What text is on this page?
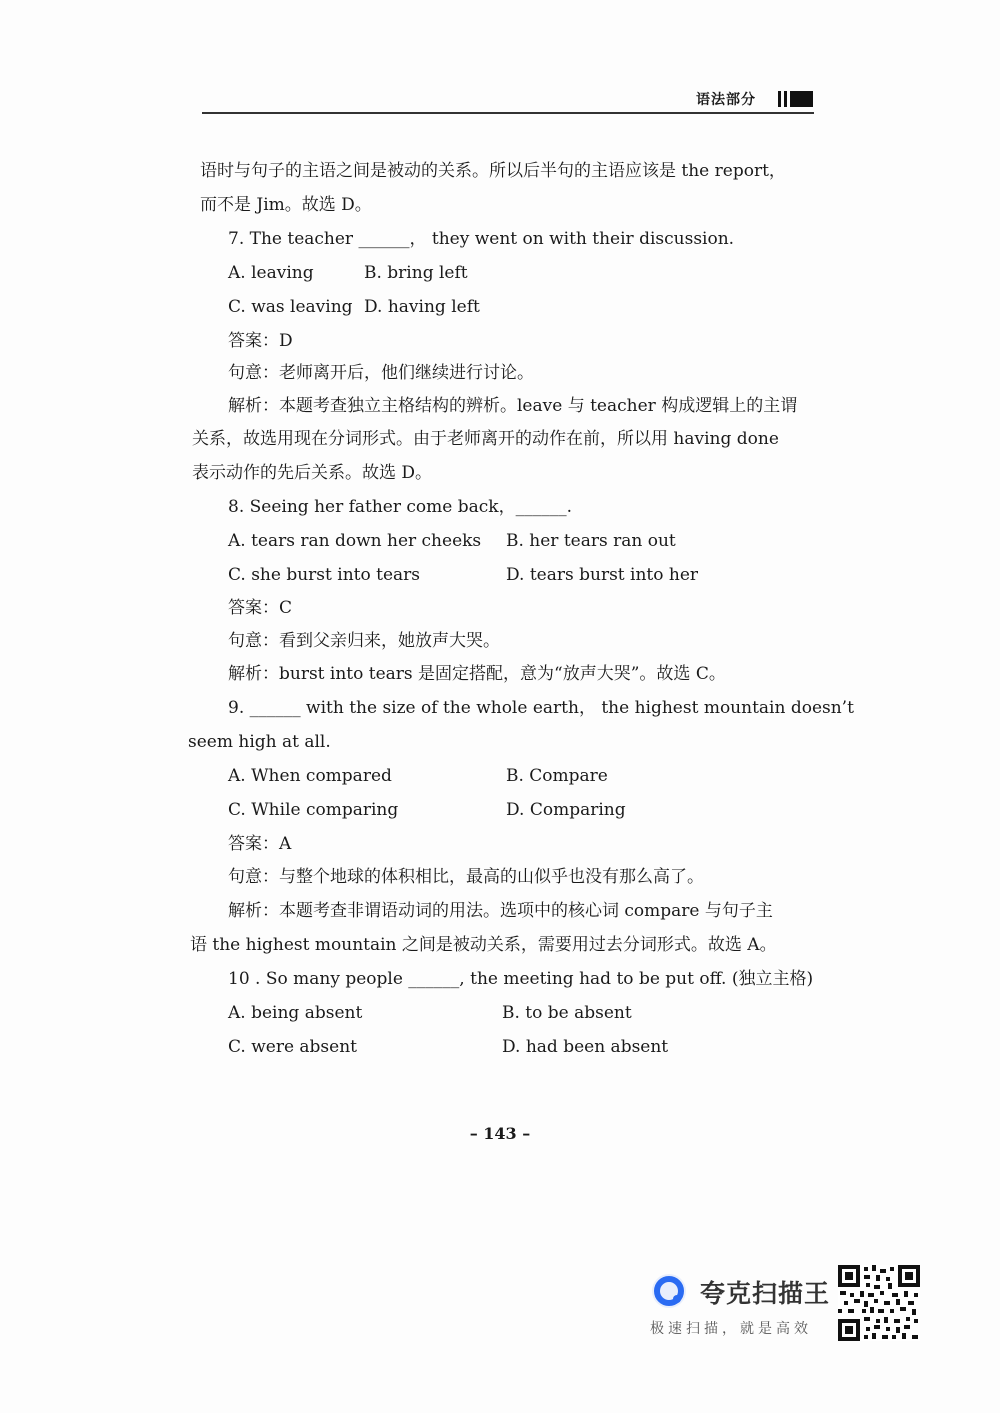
语法部分
语时与句子的主语之间是被动的关系。所以后半句的主语应该是 the report，
而不是 Jim。故选 D。
7. The teacher ______， they went on with their discussion.
A. leaving	B. bring left
C. was leaving D. having left
答案：D
句意：老师离开后，他们继续进行讨论。
解析：本题考查独立主格结构的辨析。leave 与 teacher 构成逻辑上的主谓
关系，故选用现在分词形式。由于老师离开的动作在前，所以用 having done
表示动作的先后关系。故选 D。
8. Seeing her father come back，______.
A. tears ran down her cheeks B. her tears ran out
C. she burst into tears	D. tears burst into her
答案：C
句意：看到父亲归来，她放声大哭。
解析：burst into tears 是固定搭配，意为“放声大哭”。故选 C。
9. ______ with the size of the whole earth， the highest mountain doesn’t
seem high at all.
A. When compared	B. Compare
C. While comparing	D. Comparing
答案：A
句意：与整个地球的体积相比，最高的山似乎也没有那么高了。
解析：本题考查非谓语动词的用法。选项中的核心词 compare 与句子主
语 the highest mountain 之间是被动关系，需要用过去分词形式。故选 A。
10 . So many people ______, the meeting had to be put off. (独立主格)
A. being absent	B. to be absent
C. were absent	D. had been absent
– 143 –
夸克扫描王
极速扫描，就是高效
